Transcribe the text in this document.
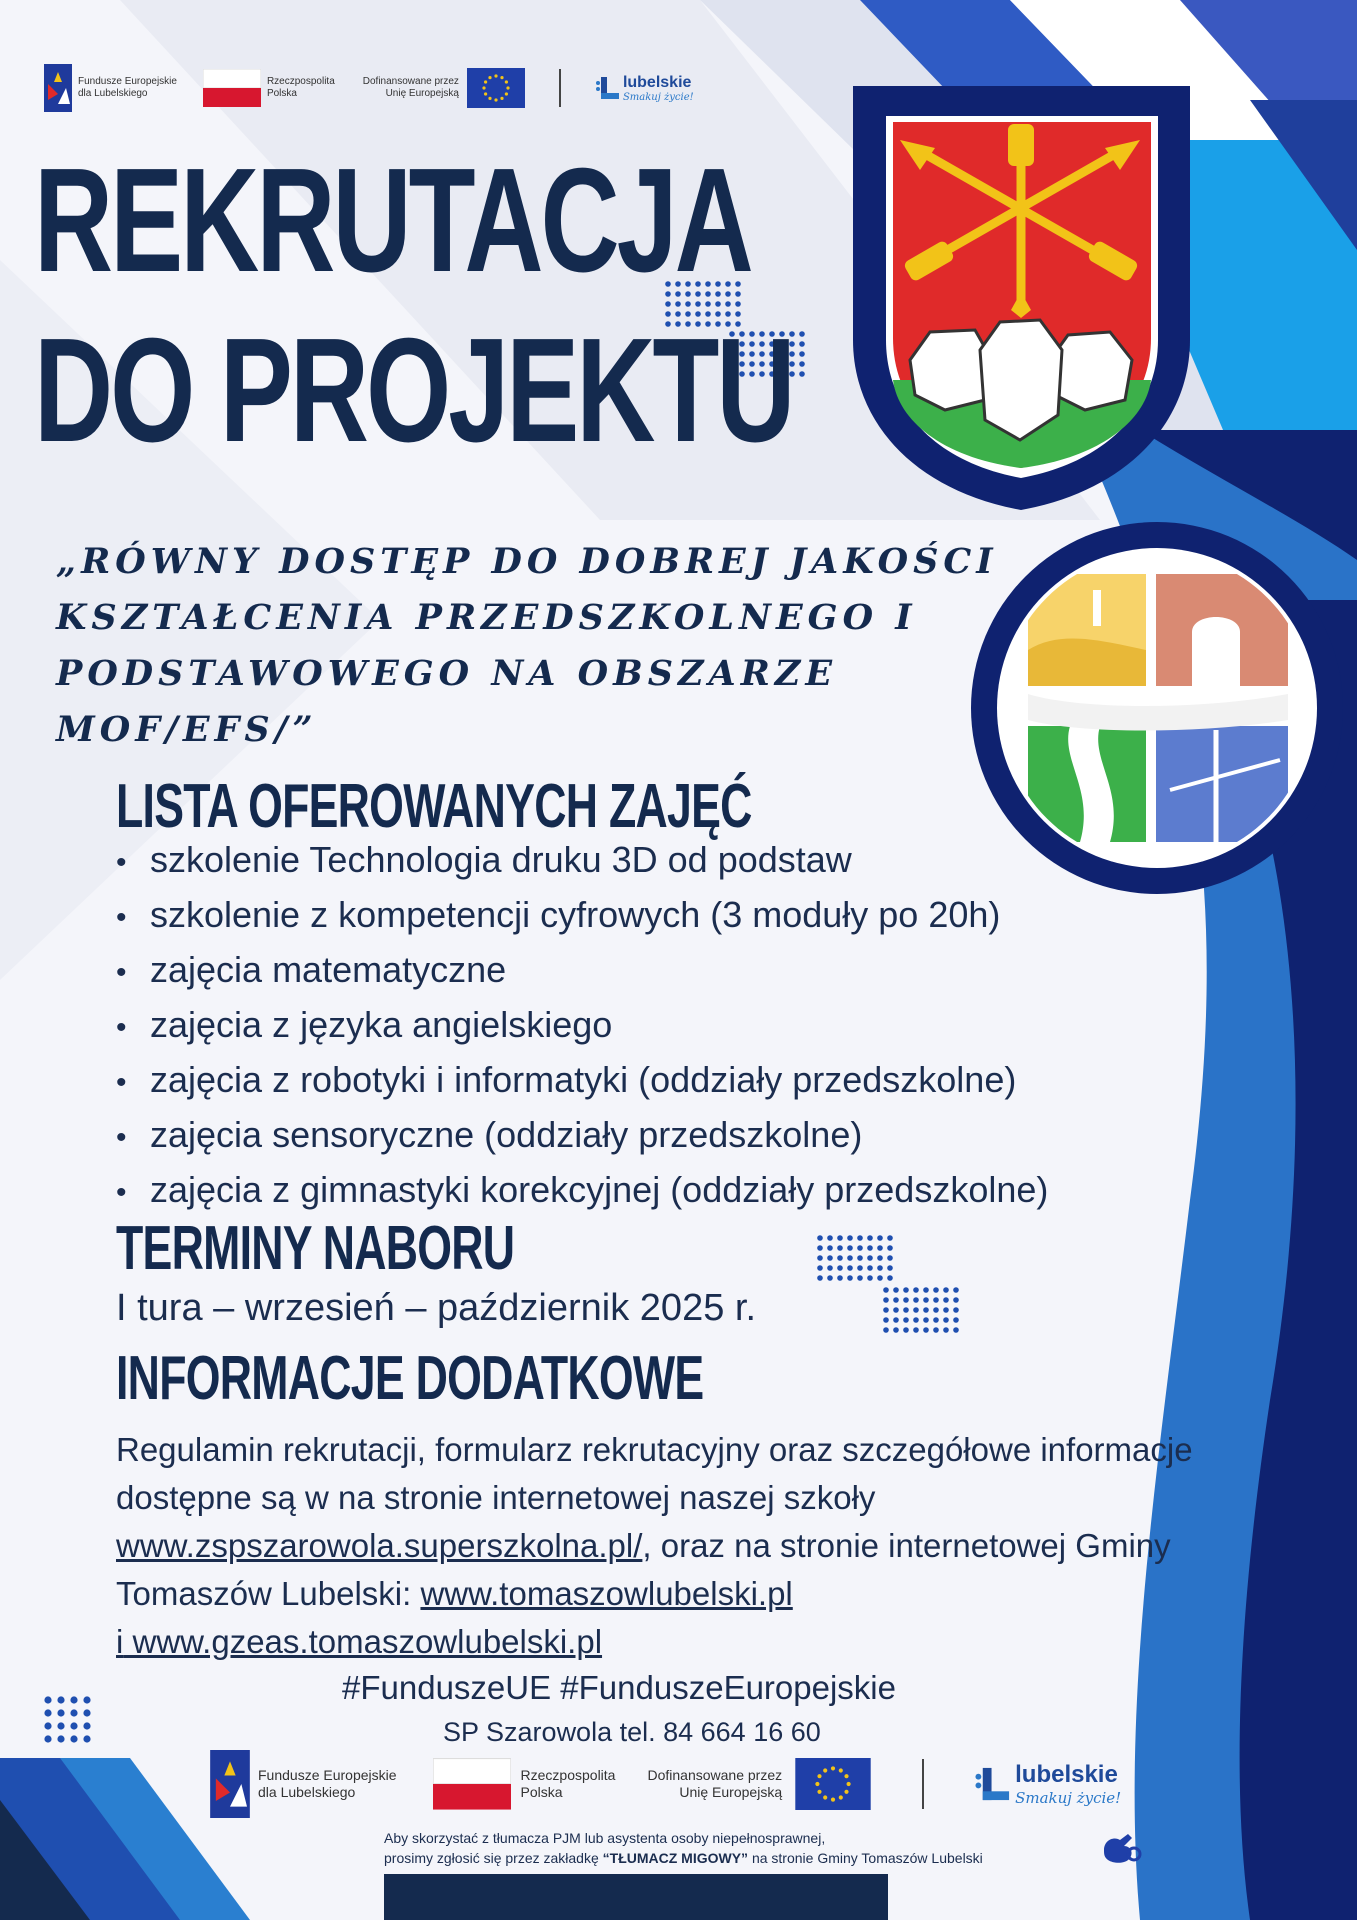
Fundusze Europejskie
dla Lubelskiego
Rzeczpospolita
Polska
Dofinansowane przez
Unię Europejską
lubelskie
Smakuj życie!
REKRUTACJA
DO PROJEKTU
„RÓWNY DOSTĘP DO DOBREJ JAKOŚCI KSZTAŁCENIA PRZEDSZKOLNEGO I PODSTAWOWEGO NA OBSZARZE MOF/EFS/”
LISTA OFEROWANYCH ZAJĘĆ
• szkolenie Technologia druku 3D od podstaw
• szkolenie z kompetencji cyfrowych (3 moduły po 20h)
• zajęcia matematyczne
• zajęcia z języka angielskiego
• zajęcia z robotyki i informatyki (oddziały przedszkolne)
• zajęcia sensoryczne (oddziały przedszkolne)
• zajęcia z gimnastyki korekcyjnej (oddziały przedszkolne)
TERMINY NABORU
I tura – wrzesień – październik 2025 r.
INFORMACJE DODATKOWE
Regulamin rekrutacji, formularz rekrutacyjny oraz szczegółowe informacje dostępne są w na stronie internetowej naszej szkoły www.zspszarowola.superszkolna.pl/, oraz na stronie internetowej Gminy Tomaszów Lubelski: www.tomaszowlubelski.pl
i www.gzeas.tomaszowlubelski.pl
#FunduszeUE #FunduszeEuropejskie
SP Szarowola tel. 84 664 16 60
Fundusze Europejskie
dla Lubelskiego
Rzeczpospolita
Polska
Dofinansowane przez
Unię Europejską
lubelskie
Smakuj życie!
Aby skorzystać z tłumacza PJM lub asystenta osoby niepełnosprawnej,
prosimy zgłosić się przez zakładkę “TŁUMACZ MIGOWY” na stronie Gminy Tomaszów Lubelski
